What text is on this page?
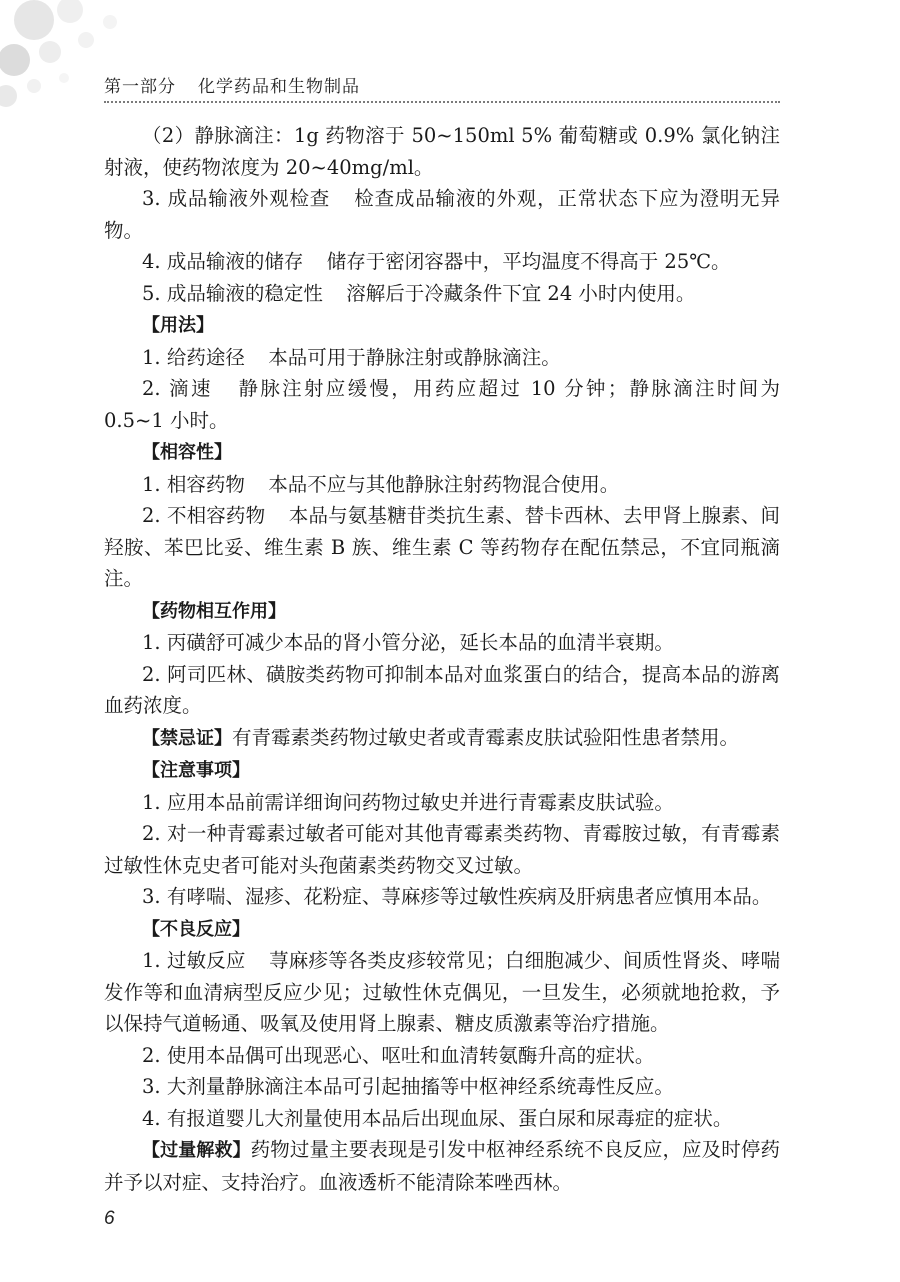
第一部分 化学药品和生物制品

（2）静脉滴注：1g 药物溶于 50~150ml 5% 葡萄糖或 0.9% 氯化钠注射液，使药物浓度为 20~40mg/ml。

3. 成品输液外观检查 检查成品输液的外观，正常状态下应为澄明无异物。

4. 成品输液的储存 储存于密闭容器中，平均温度不得高于 25℃。

5. 成品输液的稳定性 溶解后于冷藏条件下宜 24 小时内使用。

【用法】

1. 给药途径 本品可用于静脉注射或静脉滴注。

2. 滴速 静脉注射应缓慢，用药应超过 10 分钟；静脉滴注时间为 0.5~1 小时。

【相容性】

1. 相容药物 本品不应与其他静脉注射药物混合使用。

2. 不相容药物 本品与氨基糖苷类抗生素、替卡西林、去甲肾上腺素、间羟胺、苯巴比妥、维生素 B 族、维生素 C 等药物存在配伍禁忌，不宜同瓶滴注。

【药物相互作用】

1. 丙磺舒可减少本品的肾小管分泌，延长本品的血清半衰期。

2. 阿司匹林、磺胺类药物可抑制本品对血浆蛋白的结合，提高本品的游离血药浓度。

【禁忌证】有青霉素类药物过敏史者或青霉素皮肤试验阳性患者禁用。

【注意事项】

1. 应用本品前需详细询问药物过敏史并进行青霉素皮肤试验。

2. 对一种青霉素过敏者可能对其他青霉素类药物、青霉胺过敏，有青霉素过敏性休克史者可能对头孢菌素类药物交叉过敏。

3. 有哮喘、湿疹、花粉症、荨麻疹等过敏性疾病及肝病患者应慎用本品。

【不良反应】

1. 过敏反应 荨麻疹等各类皮疹较常见；白细胞减少、间质性肾炎、哮喘发作等和血清病型反应少见；过敏性休克偶见，一旦发生，必须就地抢救，予以保持气道畅通、吸氧及使用肾上腺素、糖皮质激素等治疗措施。

2. 使用本品偶可出现恶心、呕吐和血清转氨酶升高的症状。

3. 大剂量静脉滴注本品可引起抽搐等中枢神经系统毒性反应。

4. 有报道婴儿大剂量使用本品后出现血尿、蛋白尿和尿毒症的症状。

【过量解救】药物过量主要表现是引发中枢神经系统不良反应，应及时停药并予以对症、支持治疗。血液透析不能清除苯唑西林。

6
